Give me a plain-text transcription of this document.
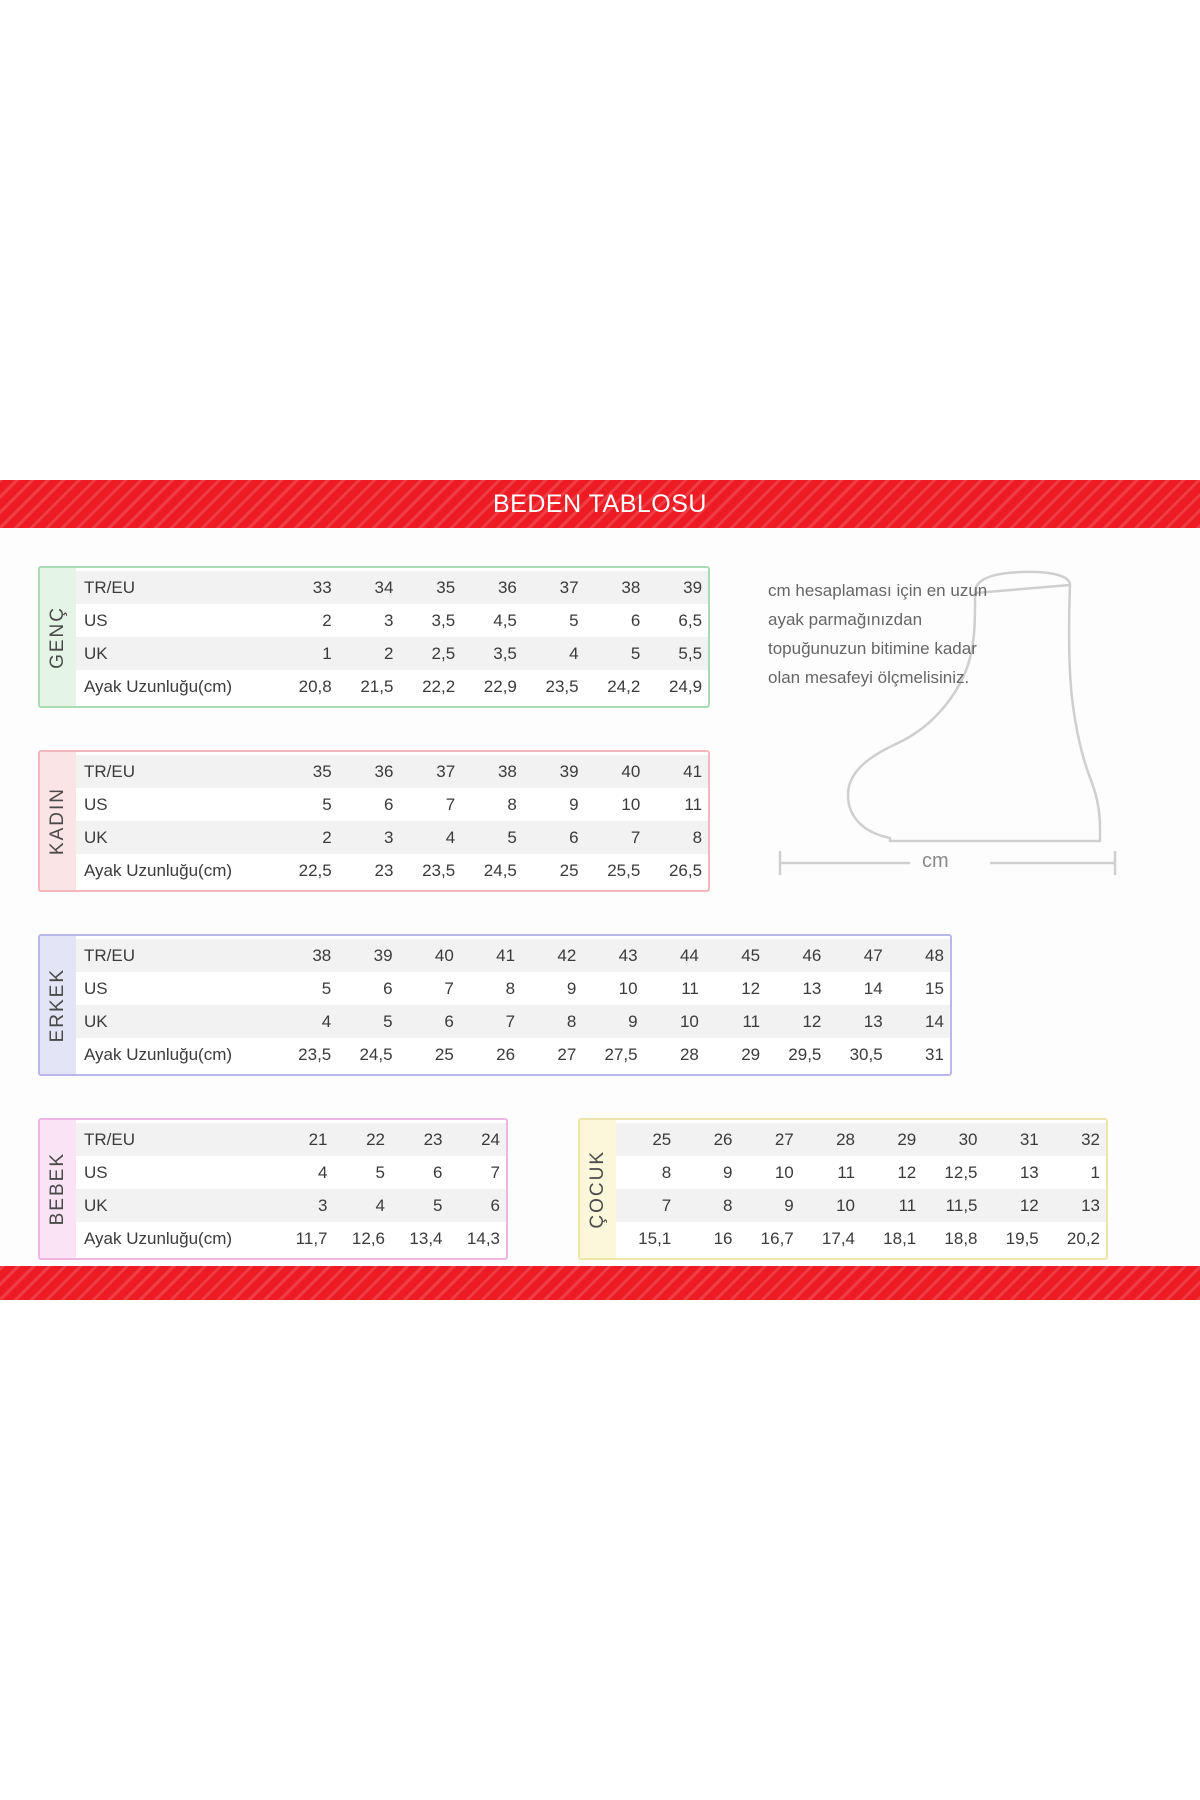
BEDEN TABLOSU
GENÇ
TR/EU	33	34	35	36	37	38	39
US	2	3	3,5	4,5	5	6	6,5
UK	1	2	2,5	3,5	4	5	5,5
Ayak Uzunluğu(cm)	20,8	21,5	22,2	22,9	23,5	24,2	24,9
KADIN
TR/EU	35	36	37	38	39	40	41
US	5	6	7	8	9	10	11
UK	2	3	4	5	6	7	8
Ayak Uzunluğu(cm)	22,5	23	23,5	24,5	25	25,5	26,5
ERKEK
TR/EU	38	39	40	41	42	43	44	45	46	47	48
US	5	6	7	8	9	10	11	12	13	14	15
UK	4	5	6	7	8	9	10	11	12	13	14
Ayak Uzunluğu(cm)	23,5	24,5	25	26	27	27,5	28	29	29,5	30,5	31
BEBEK
TR/EU	21	22	23	24
US	4	5	6	7
UK	3	4	5	6
Ayak Uzunluğu(cm)	11,7	12,6	13,4	14,3
ÇOCUK
25	26	27	28	29	30	31	32
8	9	10	11	12	12,5	13	1
7	8	9	10	11	11,5	12	13
15,1	16	16,7	17,4	18,1	18,8	19,5	20,2
cm
cm hesaplaması için en uzun ayak parmağınızdan topuğunuzun bitimine kadar olan mesafeyi ölçmelisiniz.
